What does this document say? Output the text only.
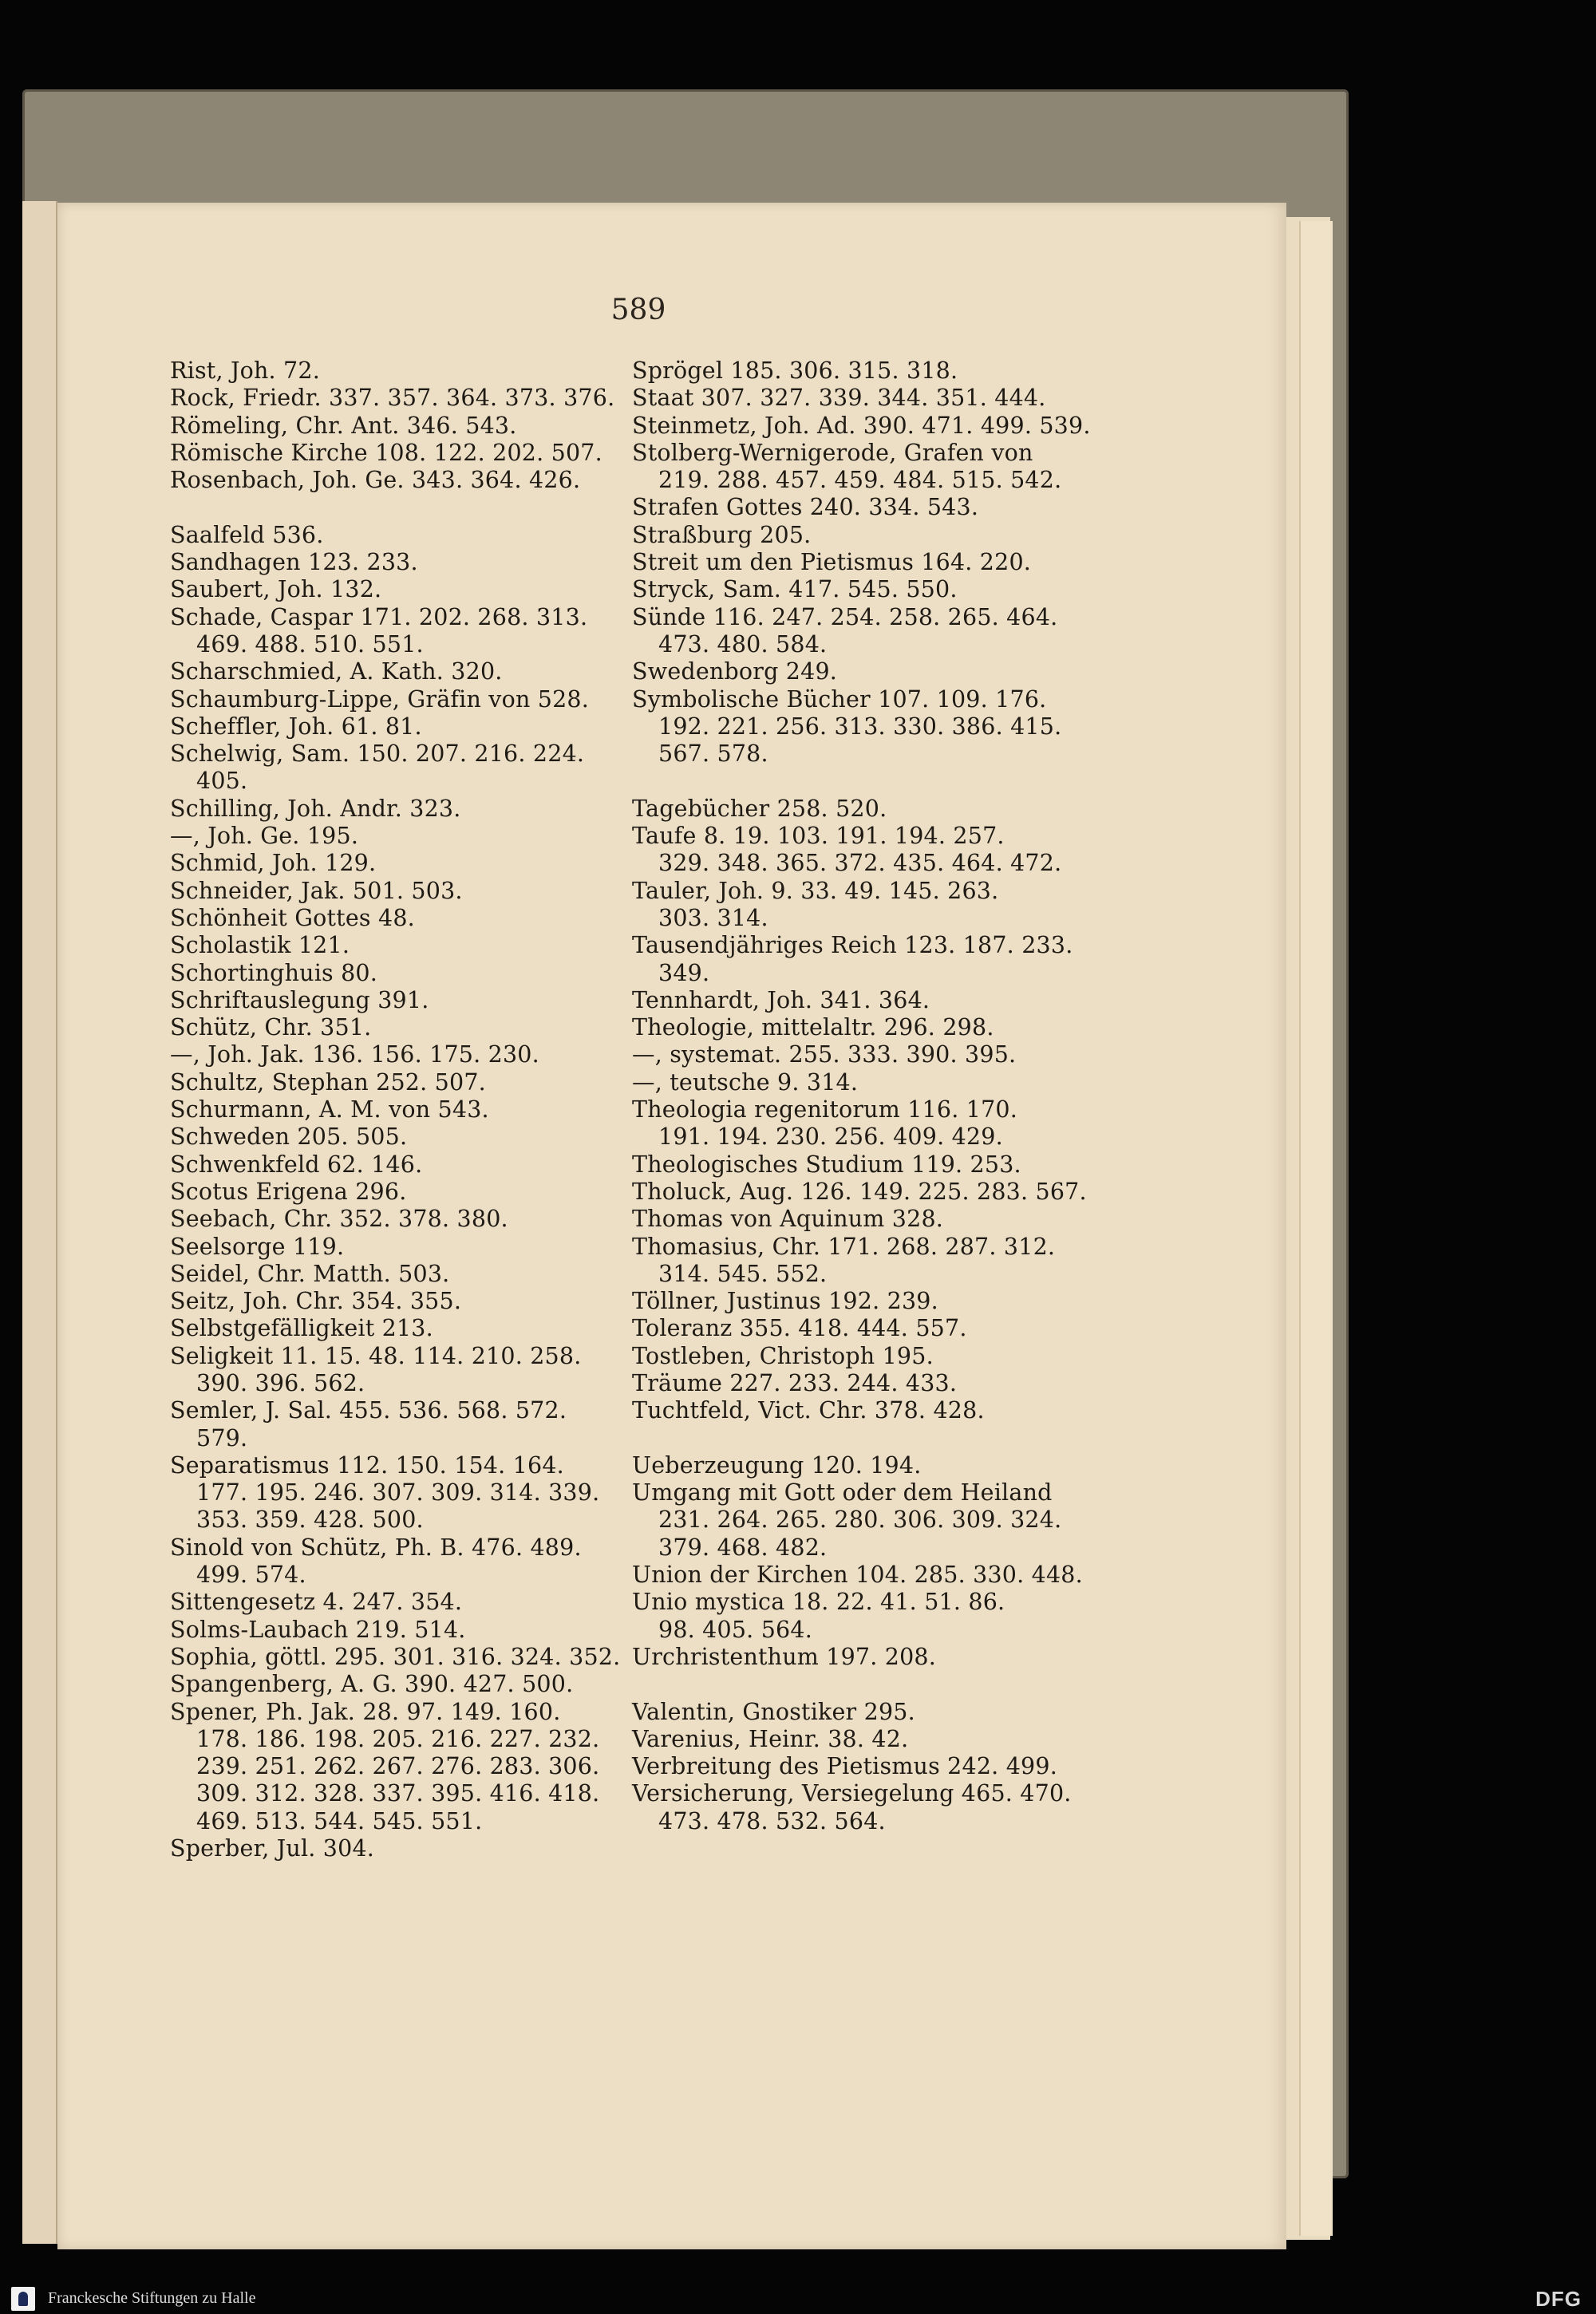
589
Rist, Joh. 72.
Rock, Friedr. 337. 357. 364. 373. 376.
Römeling, Chr. Ant. 346. 543.
Römische Kirche 108. 122. 202. 507.
Rosenbach, Joh. Ge. 343. 364. 426.
Saalfeld 536.
Sandhagen 123. 233.
Saubert, Joh. 132.
Schade, Caspar 171. 202. 268. 313.
469. 488. 510. 551.
Scharschmied, A. Kath. 320.
Schaumburg-Lippe, Gräfin von 528.
Scheffler, Joh. 61. 81.
Schelwig, Sam. 150. 207. 216. 224.
405.
Schilling, Joh. Andr. 323.
—, Joh. Ge. 195.
Schmid, Joh. 129.
Schneider, Jak. 501. 503.
Schönheit Gottes 48.
Scholastik 121.
Schortinghuis 80.
Schriftauslegung 391.
Schütz, Chr. 351.
—, Joh. Jak. 136. 156. 175. 230.
Schultz, Stephan 252. 507.
Schurmann, A. M. von 543.
Schweden 205. 505.
Schwenkfeld 62. 146.
Scotus Erigena 296.
Seebach, Chr. 352. 378. 380.
Seelsorge 119.
Seidel, Chr. Matth. 503.
Seitz, Joh. Chr. 354. 355.
Selbstgefälligkeit 213.
Seligkeit 11. 15. 48. 114. 210. 258.
390. 396. 562.
Semler, J. Sal. 455. 536. 568. 572.
579.
Separatismus 112. 150. 154. 164.
177. 195. 246. 307. 309. 314. 339.
353. 359. 428. 500.
Sinold von Schütz, Ph. B. 476. 489.
499. 574.
Sittengesetz 4. 247. 354.
Solms-Laubach 219. 514.
Sophia, göttl. 295. 301. 316. 324. 352.
Spangenberg, A. G. 390. 427. 500.
Spener, Ph. Jak. 28. 97. 149. 160.
178. 186. 198. 205. 216. 227. 232.
239. 251. 262. 267. 276. 283. 306.
309. 312. 328. 337. 395. 416. 418.
469. 513. 544. 545. 551.
Sperber, Jul. 304.
Sprögel 185. 306. 315. 318.
Staat 307. 327. 339. 344. 351. 444.
Steinmetz, Joh. Ad. 390. 471. 499. 539.
Stolberg-Wernigerode, Grafen von
219. 288. 457. 459. 484. 515. 542.
Strafen Gottes 240. 334. 543.
Straßburg 205.
Streit um den Pietismus 164. 220.
Stryck, Sam. 417. 545. 550.
Sünde 116. 247. 254. 258. 265. 464.
473. 480. 584.
Swedenborg 249.
Symbolische Bücher 107. 109. 176.
192. 221. 256. 313. 330. 386. 415.
567. 578.
Tagebücher 258. 520.
Taufe 8. 19. 103. 191. 194. 257.
329. 348. 365. 372. 435. 464. 472.
Tauler, Joh. 9. 33. 49. 145. 263.
303. 314.
Tausendjähriges Reich 123. 187. 233.
349.
Tennhardt, Joh. 341. 364.
Theologie, mittelaltr. 296. 298.
—, systemat. 255. 333. 390. 395.
—, teutsche 9. 314.
Theologia regenitorum 116. 170.
191. 194. 230. 256. 409. 429.
Theologisches Studium 119. 253.
Tholuck, Aug. 126. 149. 225. 283. 567.
Thomas von Aquinum 328.
Thomasius, Chr. 171. 268. 287. 312.
314. 545. 552.
Töllner, Justinus 192. 239.
Toleranz 355. 418. 444. 557.
Tostleben, Christoph 195.
Träume 227. 233. 244. 433.
Tuchtfeld, Vict. Chr. 378. 428.
Ueberzeugung 120. 194.
Umgang mit Gott oder dem Heiland
231. 264. 265. 280. 306. 309. 324.
379. 468. 482.
Union der Kirchen 104. 285. 330. 448.
Unio mystica 18. 22. 41. 51. 86.
98. 405. 564.
Urchristenthum 197. 208.
Valentin, Gnostiker 295.
Varenius, Heinr. 38. 42.
Verbreitung des Pietismus 242. 499.
Versicherung, Versiegelung 465. 470.
473. 478. 532. 564.
Franckesche Stiftungen zu Halle	DFG
